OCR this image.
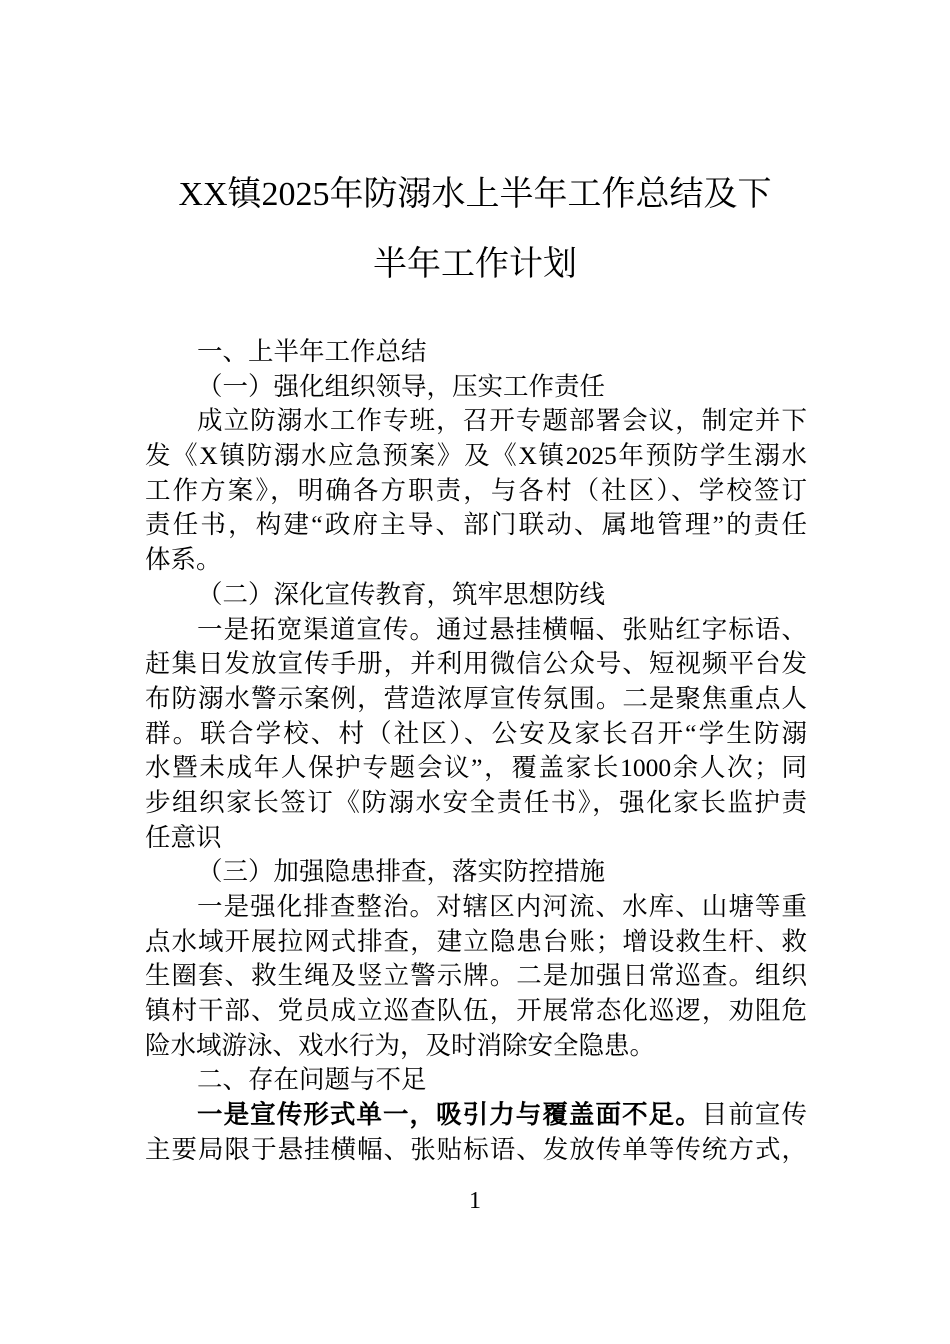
XX镇2025年防溺水上半年工作总结及下
半年工作计划
一、上半年工作总结
（一）强化组织领导，压实工作责任
成立防溺水工作专班，召开专题部署会议，制定并下
发《X镇防溺水应急预案》及《X镇2025年预防学生溺水
工作方案》，明确各方职责，与各村（社区）、学校签订
责任书，构建“政府主导、部门联动、属地管理”的责任
体系。
（二）深化宣传教育，筑牢思想防线
一是拓宽渠道宣传。通过悬挂横幅、张贴红字标语、
赶集日发放宣传手册，并利用微信公众号、短视频平台发
布防溺水警示案例，营造浓厚宣传氛围。二是聚焦重点人
群。联合学校、村（社区）、公安及家长召开“学生防溺
水暨未成年人保护专题会议”，覆盖家长1000余人次；同
步组织家长签订《防溺水安全责任书》，强化家长监护责
任意识
（三）加强隐患排查，落实防控措施
一是强化排查整治。对辖区内河流、水库、山塘等重
点水域开展拉网式排查，建立隐患台账；增设救生杆、救
生圈套、救生绳及竖立警示牌。二是加强日常巡查。组织
镇村干部、党员成立巡查队伍，开展常态化巡逻，劝阻危
险水域游泳、戏水行为，及时消除安全隐患。
二、存在问题与不足
一是宣传形式单一，吸引力与覆盖面不足。目前宣传
主要局限于悬挂横幅、张贴标语、发放传单等传统方式，
1
